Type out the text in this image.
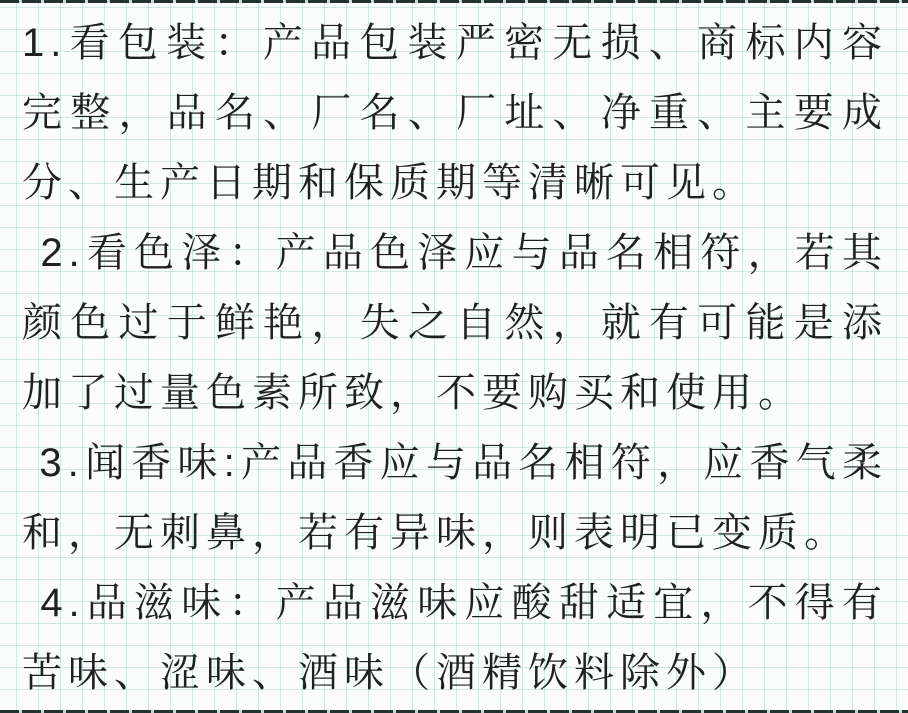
1.看包装：产品包装严密无损、商标内容完整，品名、厂名、厂址、净重、主要成分、生产日期和保质期等清晰可见。

2.看色泽：产品色泽应与品名相符，若其颜色过于鲜艳，失之自然，就有可能是添加了过量色素所致，不要购买和使用。

3.闻香味:产品香应与品名相符，应香气柔和，无刺鼻，若有异味，则表明已变质。

4.品滋味：产品滋味应酸甜适宜，不得有苦味、涩味、酒味（酒精饮料除外）
